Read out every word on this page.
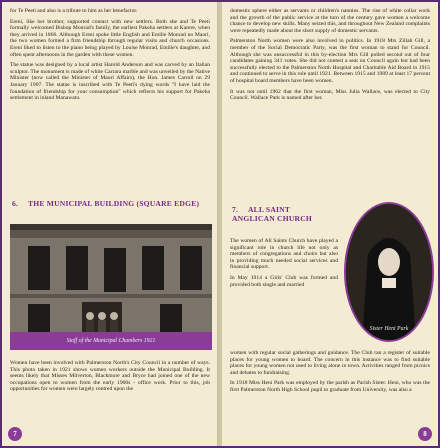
for Te Peeti and also is a tribute to him as her benefactor.

Ereni, like her brother, supported contact with new settlers. Both she and Te Peeti formally welcomed Bishop Monrad's family, the earliest Pakeha settlers at Karere, when they arrived in 1866. Although Ereni spoke little English and Emilie Monrad no Maori, the two women formed a firm friendship through regular visits and church occasions. Ereni liked to listen to the piano being played by Louise Monrad, Emilie's daughter, and often spent afternoons in the garden with these women.

The statue was designed by a local artist Harold Anderson and was carved by an Italian sculptor. The monument is made of white Carrara marble and was unveiled by the Native Minister (now called the Minister of Maori Affairs), the Hon. James Carroll on 29 January 1907. The statue is inscribed with Te Peeti's dying words "I have laid the foundation of friendship for your consumption" which reflects his support for Pakeha settlement in inland Manawatu.

6. THE MUNICIPAL BUILDING (SQUARE EDGE)
Staff of the Municipal Chambers 1921

Women have been involved with Palmerston North's City Council in a number of ways. This photo taken in 1921 shows women workers outside the Municipal Building. It seems likely that Misses Milverton, Blackmore and Bryce had joined one of the new occupations open to women from the early 1900s - office work. Prior to this, job opportunities for women were largely centred upon the

7

domestic sphere either as servants or children's nannies. The rise of white collar work and the growth of the public service at the turn of the century gave women a welcome chance to develop new skills. Many seized this, and throughout New Zealand complaints were repeatedly made about the short supply of domestic servants.

Palmerston North women were also involved in politics. In 1918 Mrs Zillah Gill, a member of the Social Democratic Party, was the first woman to stand for Council. Although she was unsuccessful in this by-election Mrs Gill polled second out of four candidates gaining 341 votes. She did not contest a seat on Council again but had been successfully elected to the Palmerston North Hospital and Charitable Aid Board in 1915 and continued to serve in this role until 1921. Between 1915 and 1989 at least 17 percent of hospital board members have been women.

It was not until 1962 that the first woman, Miss Julia Wallace, was elected to City Council. Wallace Park is named after her.

7. ALL SAINT ANGLICAN CHURCH
Sister Heni Park

The women of All Saints Church have played a significant role in church life not only as members of congregations and choirs but also in providing much needed social services and financial support.

In May 1914 a Girls' Club was formed and provided both single and married

women with regular social gatherings and guidance. The Club ran a register of suitable places for young women to board. The concern in this instance was to find suitable places for young women not used to living alone in town. Activities ranged from picnics and debates to fundraising.

In 1918 Miss Heni Park was employed by the parish as Parish Sister. Heni, who was the first Palmerston North High School pupil to graduate from University, was also a

8
